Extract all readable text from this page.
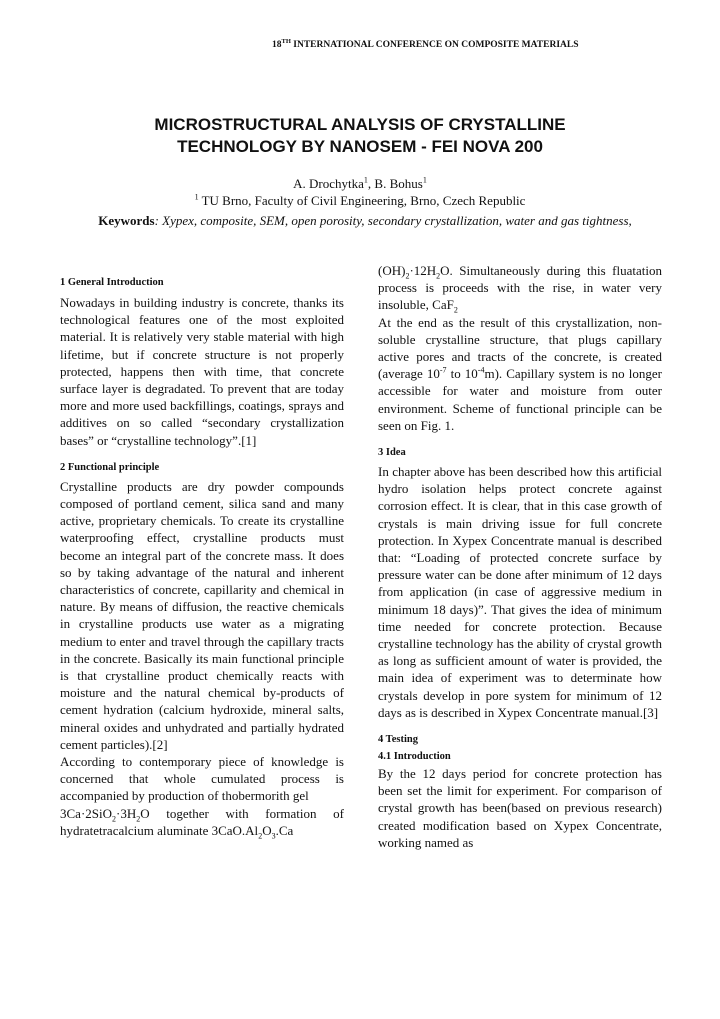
18TH INTERNATIONAL CONFERENCE ON COMPOSITE MATERIALS
MICROSTRUCTURAL ANALYSIS OF CRYSTALLINE
TECHNOLOGY BY NANOSEM - FEI NOVA 200
A. Drochytka$^1$, B. Bohus$^1$
$^1$ TU Brno, Faculty of Civil Engineering, Brno, Czech Republic
Keywords: Xypex, composite, SEM, open porosity, secondary crystallization, water and gas tightness,

1 General Introduction

Nowadays in building industry is concrete, thanks its technological features one of the most exploited material. It is relatively very stable material with high lifetime, but if concrete structure is not properly protected, happens then with time, that concrete surface layer is degradated. To prevent that are today more and more used backfillings, coatings, sprays and additives on so called “secondary crystallization bases” or “crystalline technology”.[1]

2 Functional principle

Crystalline products are dry powder compounds composed of portland cement, silica sand and many active, proprietary chemicals. To create its crystalline waterproofing effect, crystalline products must become an integral part of the concrete mass. It does so by taking advantage of the natural and inherent characteristics of concrete, capillarity and chemical in nature. By means of diffusion, the reactive chemicals in crystalline products use water as a migrating medium to enter and travel through the capillary tracts in the concrete. Basically its main functional principle is that crystalline product chemically reacts with moisture and the natural chemical by-products of cement hydration (calcium hydroxide, mineral salts, mineral oxides and unhydrated and partially hydrated cement particles).[2]

According to contemporary piece of knowledge is concerned that whole cumulated process is accompanied by production of thobermorith gel

$3Ca\cdot 2SiO_2\cdot 3H_2O$ together with formation of hydratetracalcium aluminate $3CaO.Al_2O_3.Ca$

$(OH)_2\cdot 12H_2O$. Simultaneously during this fluatation process is proceeds with the rise, in water very insoluble, CaF$_2$

At the end as the result of this crystallization, non-soluble crystalline structure, that plugs capillary active pores and tracts of the concrete, is created (average $10^{-7}$ to $10^{-4}m$). Capillary system is no longer accessible for water and moisture from outer environment. Scheme of functional principle can be seen on Fig. 1.

3 Idea

In chapter above has been described how this artificial hydro isolation helps protect concrete against corrosion effect. It is clear, that in this case growth of crystals is main driving issue for full concrete protection. In Xypex Concentrate manual is described that: “Loading of protected concrete surface by pressure water can be done after minimum of 12 days from application (in case of aggressive medium in minimum 18 days)”. That gives the idea of minimum time needed for concrete protection. Because crystalline technology has the ability of crystal growth as long as sufficient amount of water is provided, the main idea of experiment was to determinate how crystals develop in pore system for minimum of 12 days as is described in Xypex Concentrate manual.[3]

4 Testing

4.1 Introduction

By the 12 days period for concrete protection has been set the limit for experiment. For comparison of crystal growth has been(based on previous research) created modification based on Xypex Concentrate, working named as
